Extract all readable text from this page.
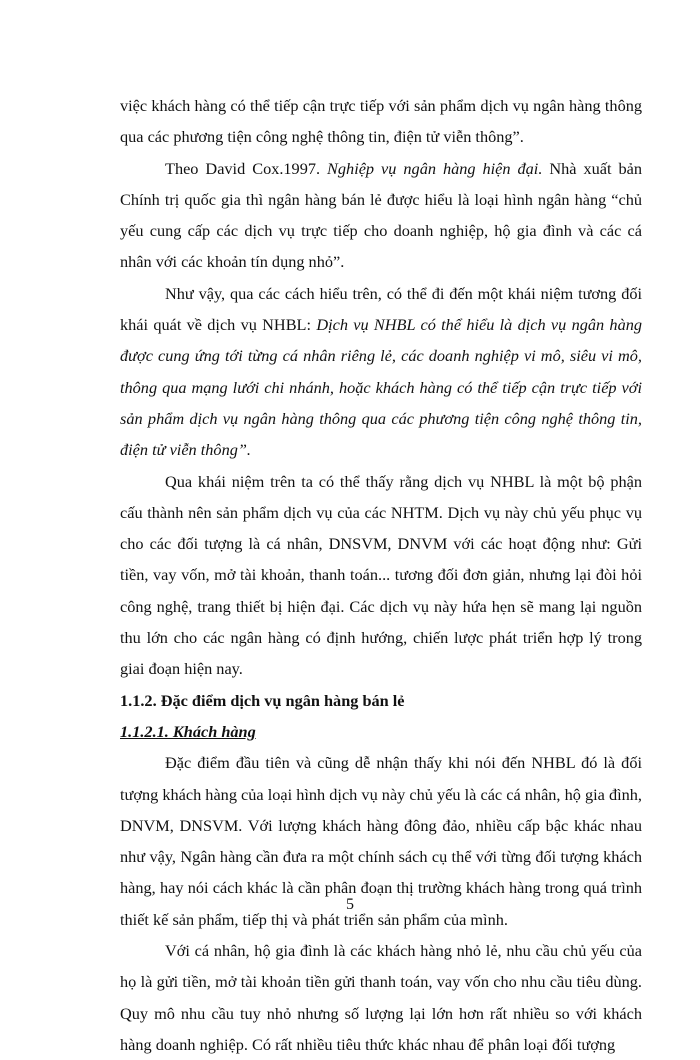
việc khách hàng có thể tiếp cận trực tiếp với sản phẩm dịch vụ ngân hàng thông qua các phương tiện công nghệ thông tin, điện tử viễn thông”.

Theo David Cox.1997. Nghiệp vụ ngân hàng hiện đại. Nhà xuất bản Chính trị quốc gia thì ngân hàng bán lẻ được hiểu là loại hình ngân hàng “chủ yếu cung cấp các dịch vụ trực tiếp cho doanh nghiệp, hộ gia đình và các cá nhân với các khoản tín dụng nhỏ”.

Như vậy, qua các cách hiểu trên, có thể đi đến một khái niệm tương đối khái quát về dịch vụ NHBL: Dịch vụ NHBL có thể hiểu là dịch vụ ngân hàng được cung ứng tới từng cá nhân riêng lẻ, các doanh nghiệp vi mô, siêu vi mô, thông qua mạng lưới chi nhánh, hoặc khách hàng có thể tiếp cận trực tiếp với sản phẩm dịch vụ ngân hàng thông qua các phương tiện công nghệ thông tin, điện tử viễn thông”.

Qua khái niệm trên ta có thể thấy rằng dịch vụ NHBL là một bộ phận cấu thành nên sản phẩm dịch vụ của các NHTM. Dịch vụ này chủ yếu phục vụ cho các đối tượng là cá nhân, DNSVM, DNVM với các hoạt động như: Gửi tiền, vay vốn, mở tài khoản, thanh toán... tương đối đơn giản, nhưng lại đòi hỏi công nghệ, trang thiết bị hiện đại. Các dịch vụ này hứa hẹn sẽ mang lại nguồn thu lớn cho các ngân hàng có định hướng, chiến lược phát triển hợp lý trong giai đoạn hiện nay.

1.1.2. Đặc điểm dịch vụ ngân hàng bán lẻ

1.1.2.1. Khách hàng

Đặc điểm đầu tiên và cũng dễ nhận thấy khi nói đến NHBL đó là đối tượng khách hàng của loại hình dịch vụ này chủ yếu là các cá nhân, hộ gia đình, DNVM, DNSVM. Với lượng khách hàng đông đảo, nhiều cấp bậc khác nhau như vậy, Ngân hàng cần đưa ra một chính sách cụ thể với từng đối tượng khách hàng, hay nói cách khác là cần phân đoạn thị trường khách hàng trong quá trình thiết kế sản phẩm, tiếp thị và phát triển sản phẩm của mình.

Với cá nhân, hộ gia đình là các khách hàng nhỏ lẻ, nhu cầu chủ yếu của họ là gửi tiền, mở tài khoản tiền gửi thanh toán, vay vốn cho nhu cầu tiêu dùng. Quy mô nhu cầu tuy nhỏ nhưng số lượng lại lớn hơn rất nhiều so với khách hàng doanh nghiệp. Có rất nhiều tiêu thức khác nhau để phân loại đối tượng

5
